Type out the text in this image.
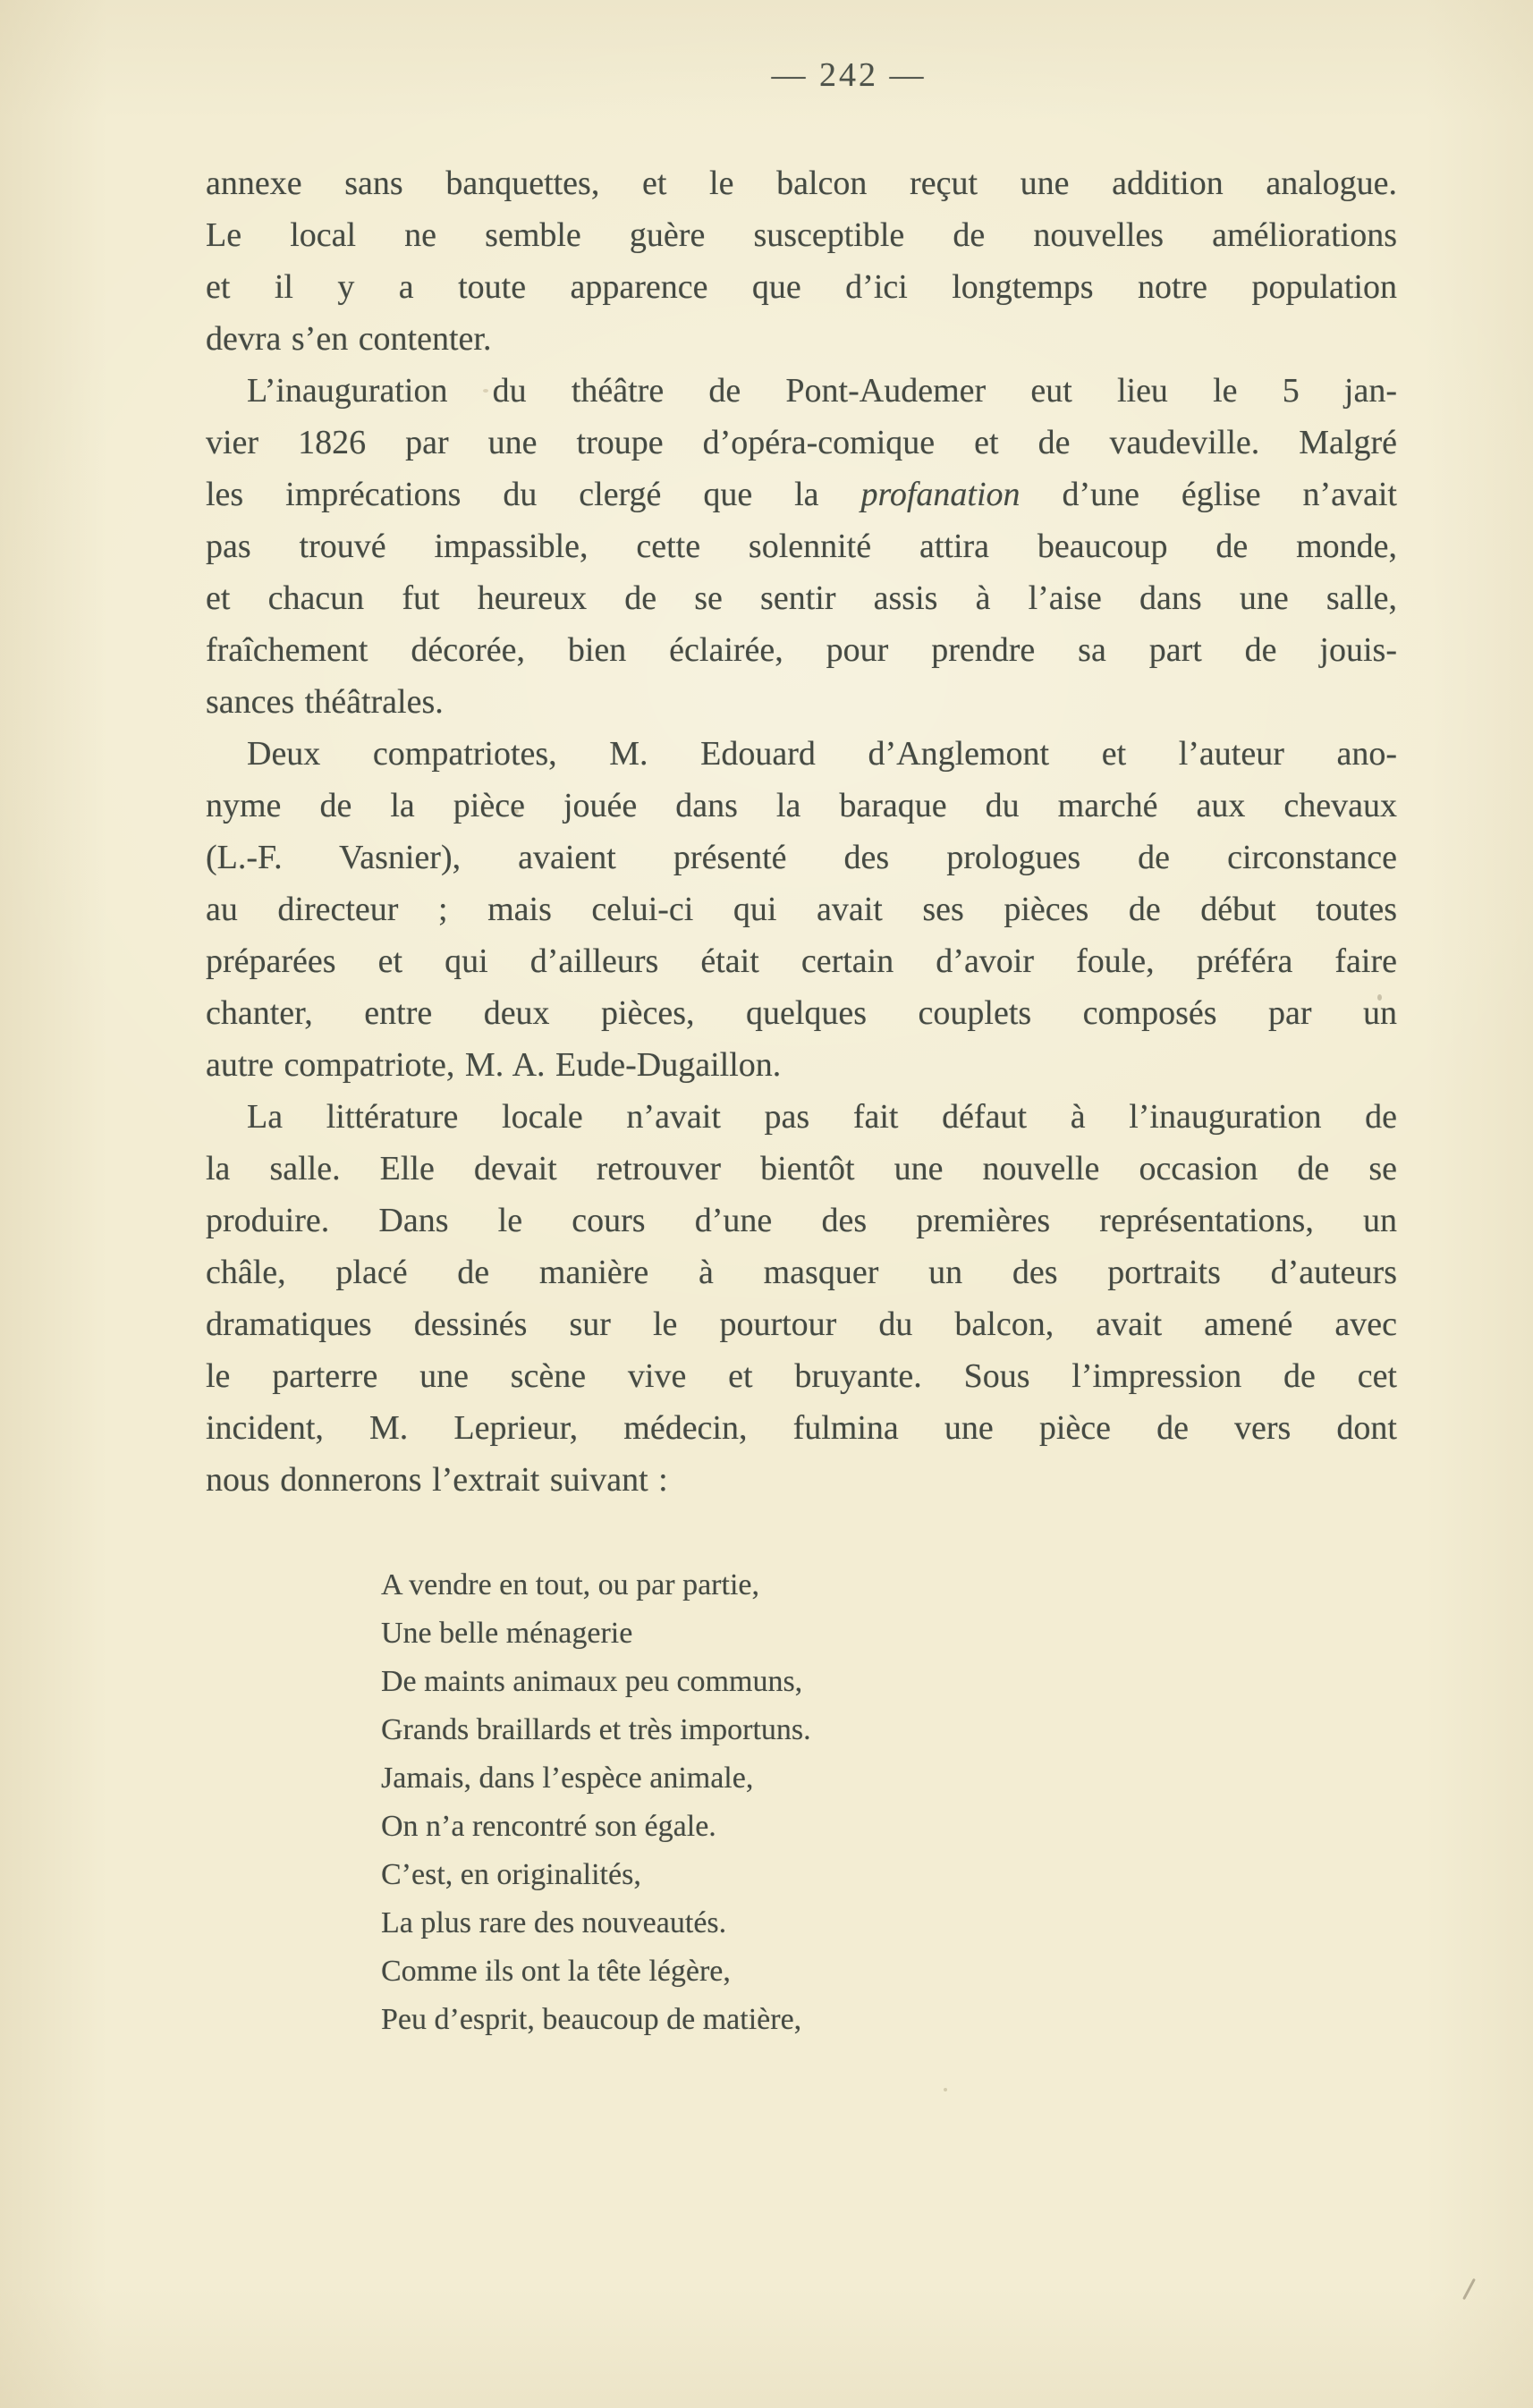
— 242 —
annexe sans banquettes, et le balcon reçut une addition analogue.
Le local ne semble guère susceptible de nouvelles améliorations
et il y a toute apparence que d’ici longtemps notre population
devra s’en contenter.
L’inauguration du théâtre de Pont-Audemer eut lieu le 5 jan-
vier 1826 par une troupe d’opéra-comique et de vaudeville. Malgré
les imprécations du clergé que la profanation d’une église n’avait
pas trouvé impassible, cette solennité attira beaucoup de monde,
et chacun fut heureux de se sentir assis à l’aise dans une salle,
fraîchement décorée, bien éclairée, pour prendre sa part de jouis-
sances théâtrales.
Deux compatriotes, M. Edouard d’Anglemont et l’auteur ano-
nyme de la pièce jouée dans la baraque du marché aux chevaux
(L.-F. Vasnier), avaient présenté des prologues de circonstance
au directeur ; mais celui-ci qui avait ses pièces de début toutes
préparées et qui d’ailleurs était certain d’avoir foule, préféra faire
chanter, entre deux pièces, quelques couplets composés par un
autre compatriote, M. A. Eude-Dugaillon.
La littérature locale n’avait pas fait défaut à l’inauguration de
la salle. Elle devait retrouver bientôt une nouvelle occasion de se
produire. Dans le cours d’une des premières représentations, un
châle, placé de manière à masquer un des portraits d’auteurs
dramatiques dessinés sur le pourtour du balcon, avait amené avec
le parterre une scène vive et bruyante. Sous l’impression de cet
incident, M. Leprieur, médecin, fulmina une pièce de vers dont
nous donnerons l’extrait suivant :
A vendre en tout, ou par partie,
Une belle ménagerie
De maints animaux peu communs,
Grands braillards et très importuns.
Jamais, dans l’espèce animale,
On n’a rencontré son égale.
C’est, en originalités,
La plus rare des nouveautés.
Comme ils ont la tête légère,
Peu d’esprit, beaucoup de matière,
